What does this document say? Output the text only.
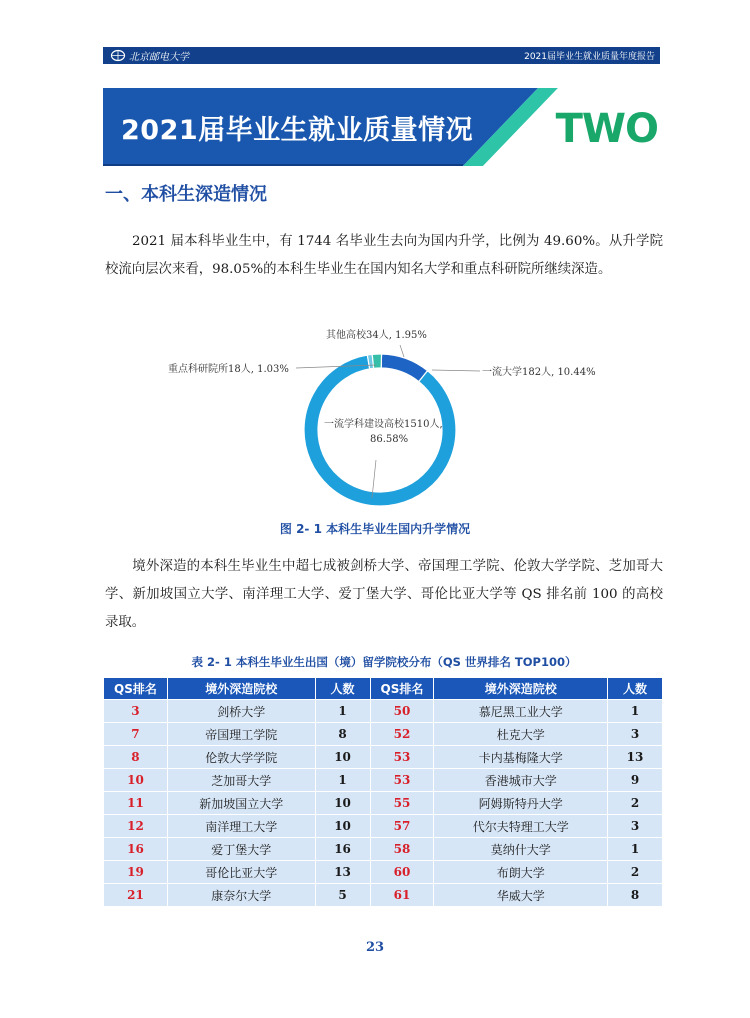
北京邮电大学	2021届毕业生就业质量年度报告
2021届毕业生就业质量情况 TWO
一、本科生深造情况
2021 届本科毕业生中，有 1744 名毕业生去向为国内升学，比例为 49.60%。从升学院校流向层次来看，98.05%的本科生毕业生在国内知名大学和重点科研院所继续深造。
其他高校34人, 1.95%
重点科研院所18人, 1.03%	一流大学182人, 10.44%
一流学科建设高校1510人,
86.58%
图 2- 1 本科生毕业生国内升学情况
境外深造的本科生毕业生中超七成被剑桥大学、帝国理工学院、伦敦大学学院、芝加哥大学、新加坡国立大学、南洋理工大学、爱丁堡大学、哥伦比亚大学等 QS 排名前 100 的高校录取。
表 2- 1 本科生毕业生出国（境）留学院校分布（QS 世界排名 TOP100）
QS排名	境外深造院校	人数	QS排名	境外深造院校	人数
3	剑桥大学	1	50	慕尼黑工业大学	1
7	帝国理工学院	8	52	杜克大学	3
8	伦敦大学学院	10	53	卡内基梅隆大学	13
10	芝加哥大学	1	53	香港城市大学	9
11	新加坡国立大学	10	55	阿姆斯特丹大学	2
12	南洋理工大学	10	57	代尔夫特理工大学	3
16	爱丁堡大学	16	58	莫纳什大学	1
19	哥伦比亚大学	13	60	布朗大学	2
21	康奈尔大学	5	61	华威大学	8
23
